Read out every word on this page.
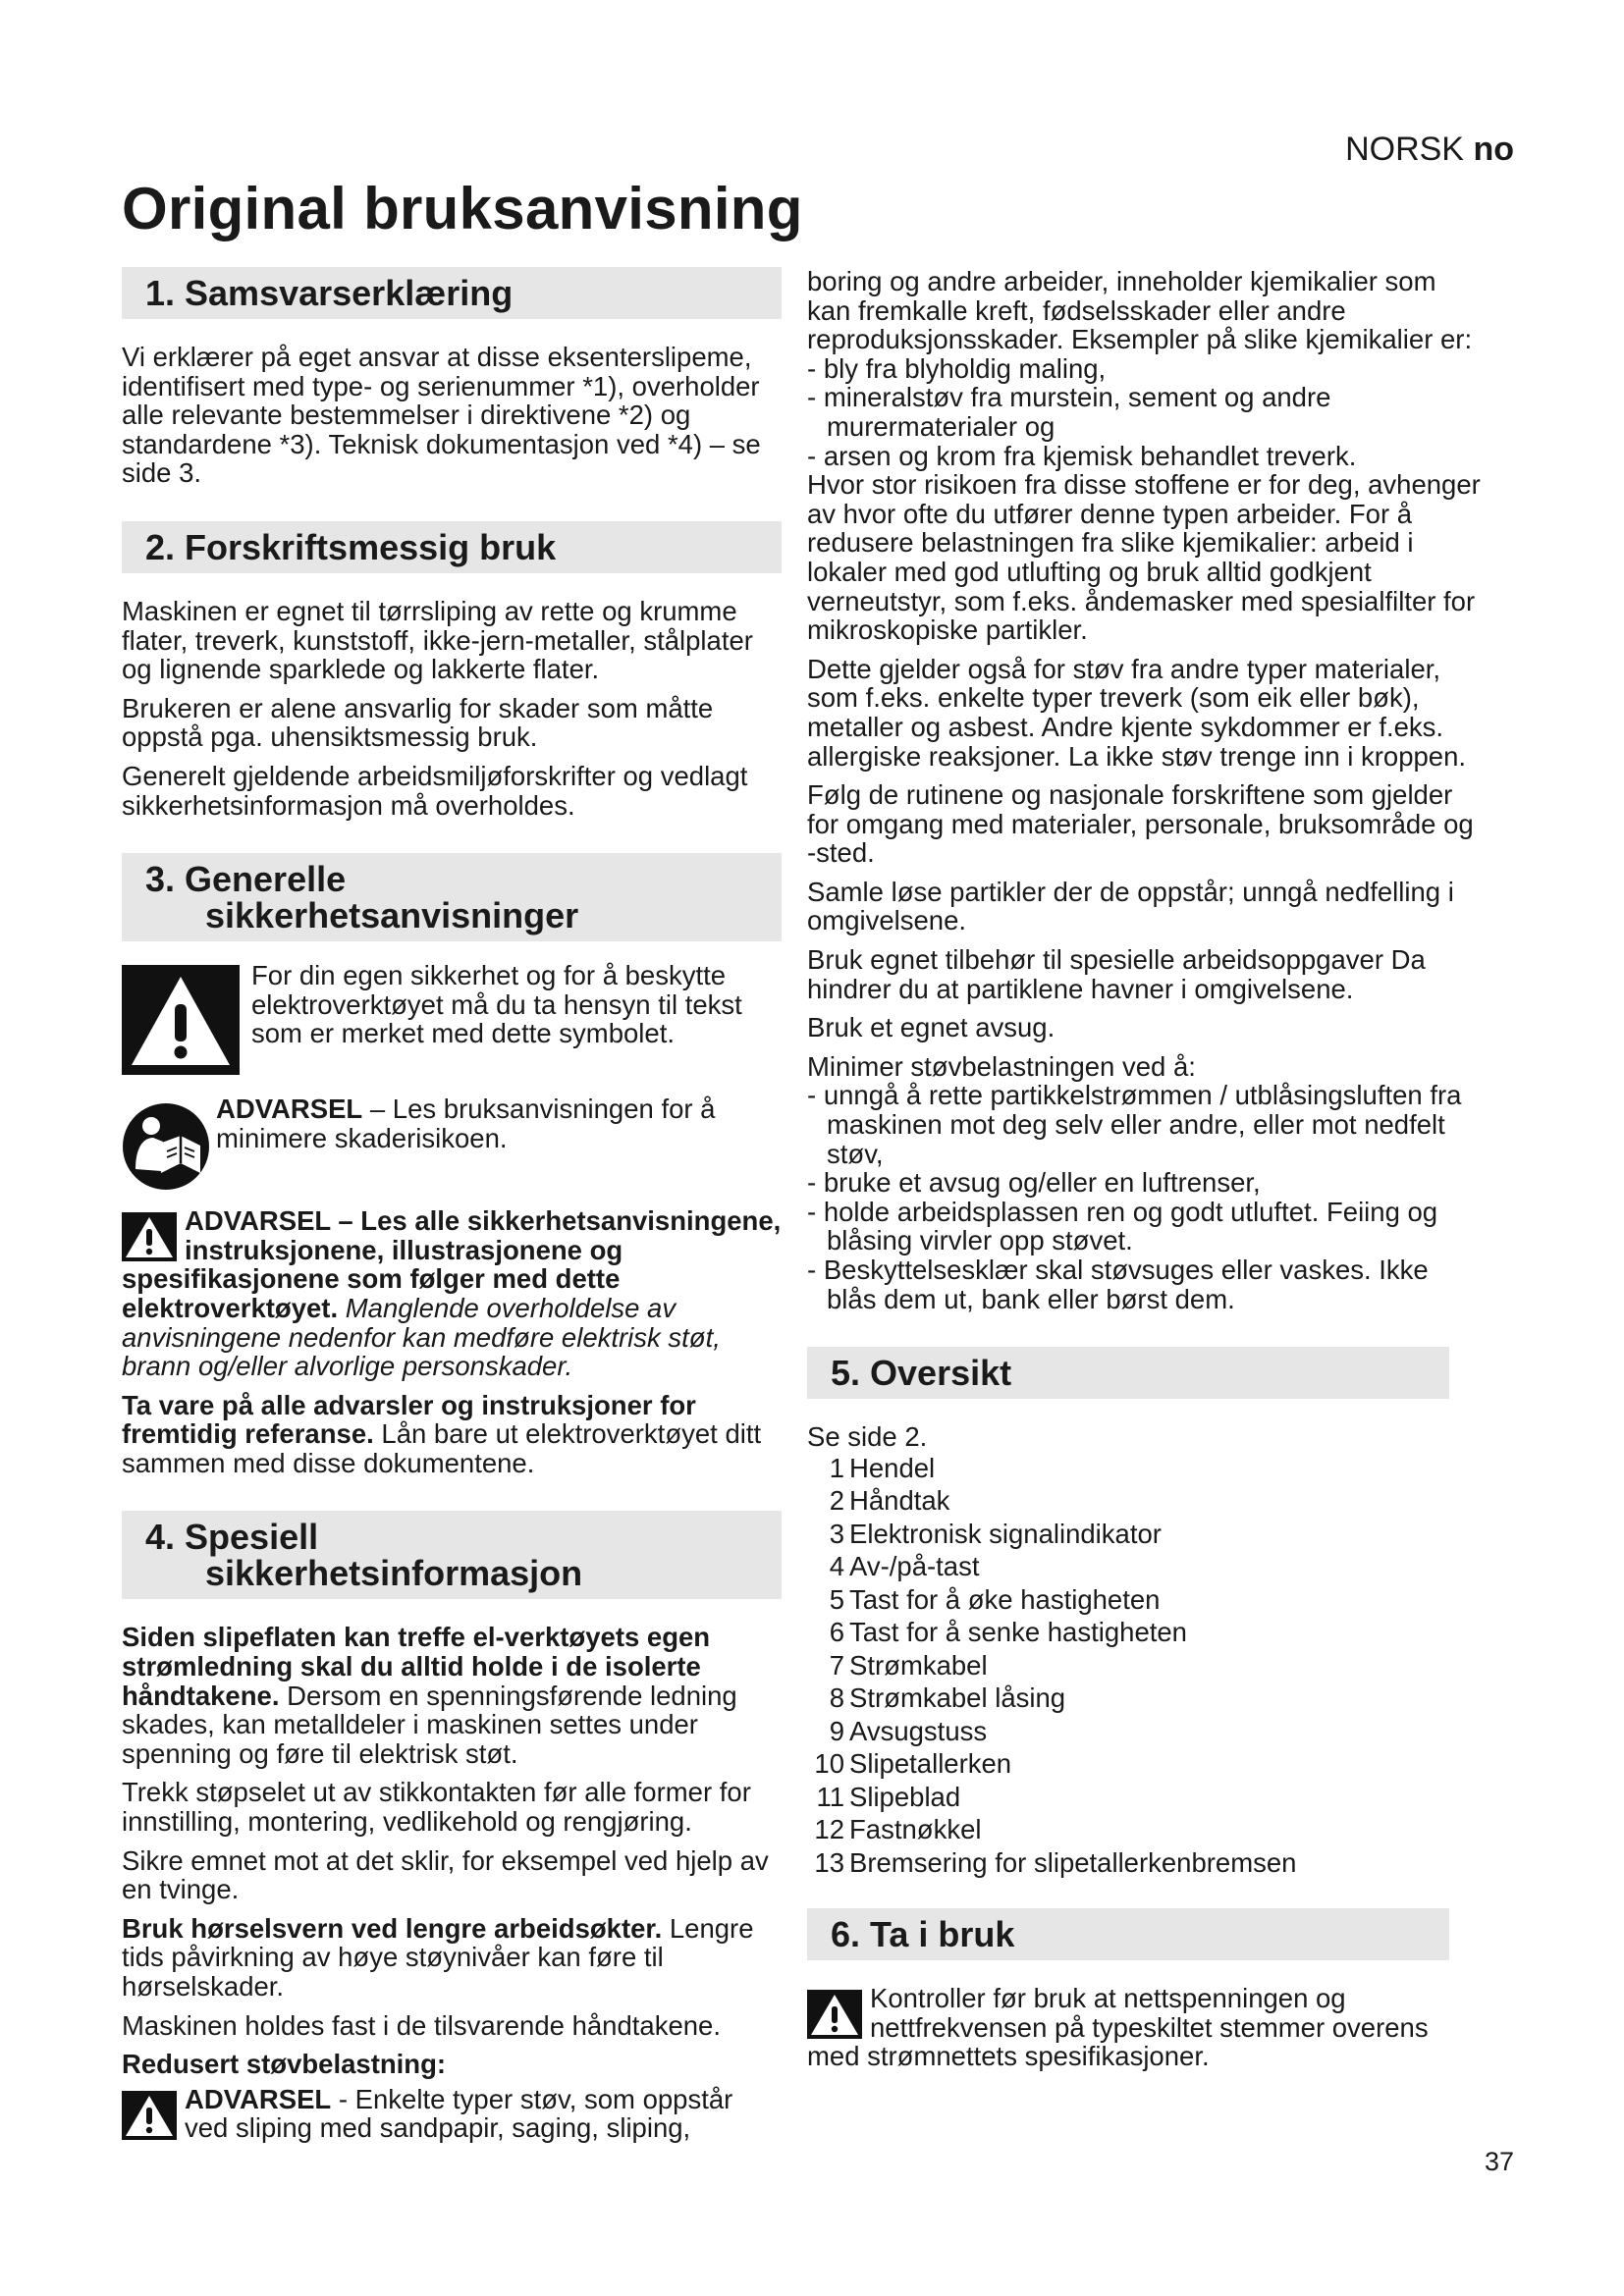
NORSK no
Original bruksanvisning
1. Samsvarserklæring

Vi erklærer på eget ansvar at disse eksenterslipeme, identifisert med type- og serienummer *1), overholder alle relevante bestemmelser i direktivene *2) og standardene *3). Teknisk dokumentasjon ved *4) – se side 3.

2. Forskriftsmessig bruk

Maskinen er egnet til tørrsliping av rette og krumme flater, treverk, kunststoff, ikke-jern-metaller, stålplater og lignende sparklede og lakkerte flater.

Brukeren er alene ansvarlig for skader som måtte oppstå pga. uhensiktsmessig bruk.

Generelt gjeldende arbeidsmiljøforskrifter og vedlagt sikkerhetsinformasjon må overholdes.

3. Generelle
sikkerhetsanvisninger

For din egen sikkerhet og for å beskytte elektroverktøyet må du ta hensyn til tekst som er merket med dette symbolet.

ADVARSEL – Les bruksanvisningen for å minimere skaderisikoen.

ADVARSEL – Les alle sikkerhetsanvisningene, instruksjonene, illustrasjonene og spesifikasjonene som følger med dette elektroverktøyet. Manglende overholdelse av anvisningene nedenfor kan medføre elektrisk støt, brann og/eller alvorlige personskader.

Ta vare på alle advarsler og instruksjoner for fremtidig referanse. Lån bare ut elektroverktøyet ditt sammen med disse dokumentene.

4. Spesiell
sikkerhetsinformasjon

Siden slipeflaten kan treffe el-verktøyets egen strømledning skal du alltid holde i de isolerte håndtakene. Dersom en spenningsførende ledning skades, kan metalldeler i maskinen settes under spenning og føre til elektrisk støt.

Trekk støpselet ut av stikkontakten før alle former for innstilling, montering, vedlikehold og rengjøring.

Sikre emnet mot at det sklir, for eksempel ved hjelp av en tvinge.

Bruk hørselsvern ved lengre arbeidsøkter. Lengre tids påvirkning av høye støynivåer kan føre til hørselskader.

Maskinen holdes fast i de tilsvarende håndtakene.

Redusert støvbelastning:

ADVARSEL - Enkelte typer støv, som oppstår ved sliping med sandpapir, saging, sliping,

boring og andre arbeider, inneholder kjemikalier som kan fremkalle kreft, fødselsskader eller andre reproduksjonsskader. Eksempler på slike kjemikalier er:

- bly fra blyholdig maling,
- mineralstøv fra murstein, sement og andre murermaterialer og
- arsen og krom fra kjemisk behandlet treverk.

Hvor stor risikoen fra disse stoffene er for deg, avhenger av hvor ofte du utfører denne typen arbeider. For å redusere belastningen fra slike kjemikalier: arbeid i lokaler med god utlufting og bruk alltid godkjent verneutstyr, som f.eks. åndemasker med spesialfilter for mikroskopiske partikler.

Dette gjelder også for støv fra andre typer materialer, som f.eks. enkelte typer treverk (som eik eller bøk), metaller og asbest. Andre kjente sykdommer er f.eks. allergiske reaksjoner. La ikke støv trenge inn i kroppen.

Følg de rutinene og nasjonale forskriftene som gjelder for omgang med materialer, personale, bruksområde og -sted.

Samle løse partikler der de oppstår; unngå nedfelling i omgivelsene.

Bruk egnet tilbehør til spesielle arbeidsoppgaver Da hindrer du at partiklene havner i omgivelsene.

Bruk et egnet avsug.

Minimer støvbelastningen ved å:

- unngå å rette partikkelstrømmen / utblåsingsluften fra maskinen mot deg selv eller andre, eller mot nedfelt støv,
- bruke et avsug og/eller en luftrenser,
- holde arbeidsplassen ren og godt utluftet. Feiing og blåsing virvler opp støvet.
- Beskyttelsesklær skal støvsuges eller vaskes. Ikke blås dem ut, bank eller børst dem.
5. Oversikt

Se side 2.

1 Hendel
2 Håndtak
3 Elektronisk signalindikator
4 Av-/på-tast
5 Tast for å øke hastigheten
6 Tast for å senke hastigheten
7 Strømkabel
8 Strømkabel låsing
9 Avsugstuss
10 Slipetallerken
11 Slipeblad
12 Fastnøkkel
13 Bremsering for slipetallerkenbremsen
6. Ta i bruk

Kontroller før bruk at nettspenningen og nettfrekvensen på typeskiltet stemmer overens med strømnettets spesifikasjoner.

37
